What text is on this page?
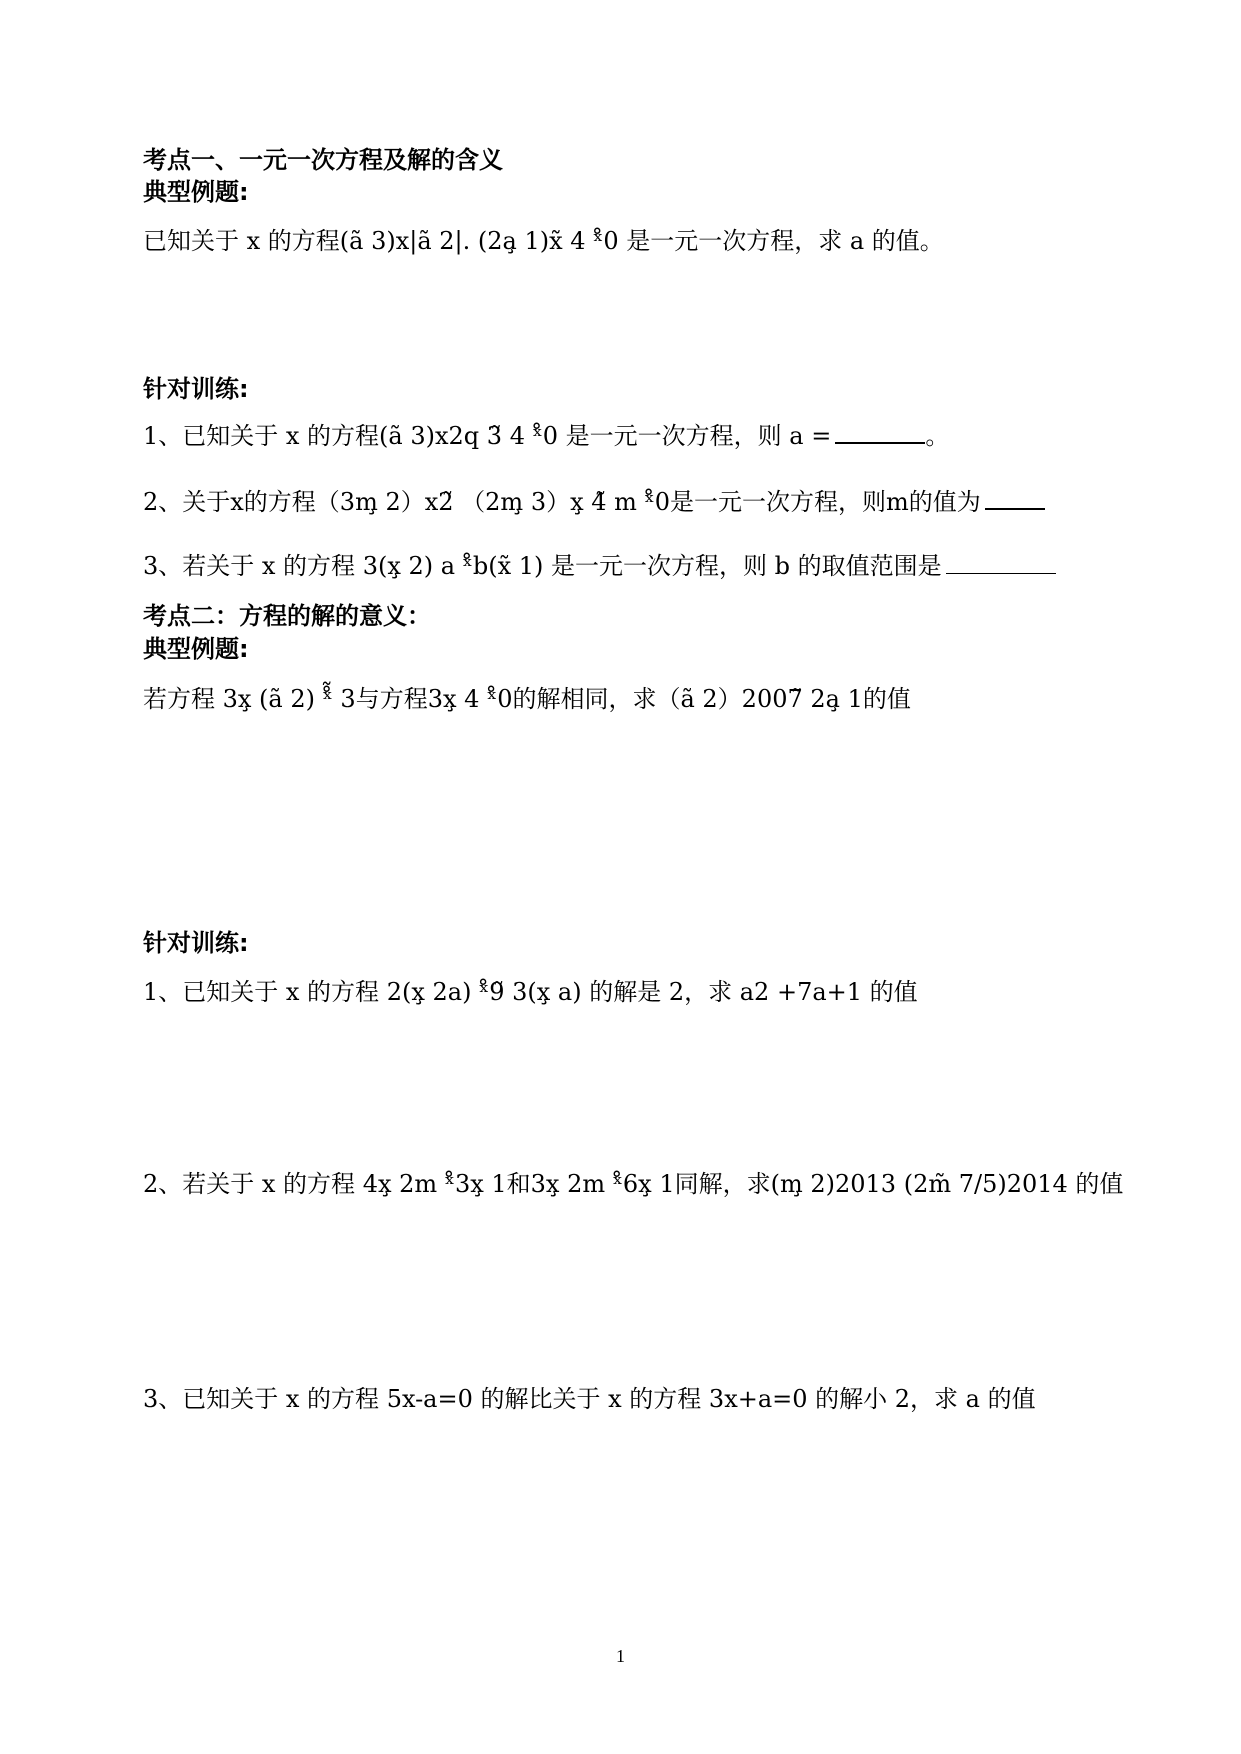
考点一、一元一次方程及解的含义
典型例题:
已知关于 x 的方程(ã 3)x|ã 2|. (2a̧ 1)x̃ 4 ˣ̊0 是一元一次方程，求 a 的值。
针对训练:
1、已知关于 x 的方程(ã 3)x2q 3̃ 4 ˣ̊0 是一元一次方程，则 a =	。
2、关于x的方程（3m̧ 2）x2̃ （2m̧ 3）x̧ 4̃ m ˣ̊0是一元一次方程，则m的值为
3、若关于 x 的方程 3(x̧ 2) a ˣ̊b(x̃ 1) 是一元一次方程，则 b 的取值范围是
考点二：方程的解的意义：
典型例题:
若方程 3x̧ (ã 2) ˣ̊̃ 3与方程3x̧ 4 ˣ̊0的解相同，求（ã 2）2007̃ 2a̧ 1的值
针对训练:
1、已知关于 x 的方程 2(x̧ 2a) ˣ̊9̃ 3(x̧ a) 的解是 2，求 a2 +7a+1 的值
2、若关于 x 的方程 4x̧ 2m ˣ̊3x̧ 1和3x̧ 2m ˣ̊6x̧ 1同解，求(m̧ 2)2013 (2m̃ 7/5)2014 的值
3、已知关于 x 的方程 5x-a=0 的解比关于 x 的方程 3x+a=0 的解小 2，求 a 的值
1
